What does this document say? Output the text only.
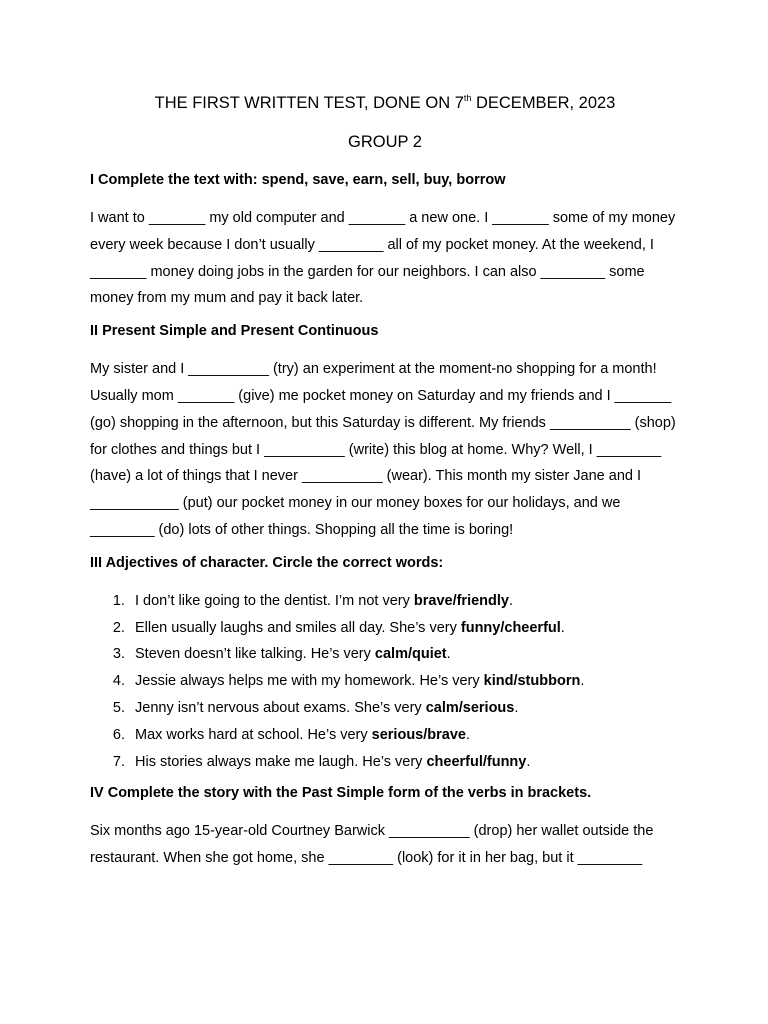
THE FIRST WRITTEN TEST, DONE ON 7th DECEMBER, 2023
GROUP 2
I Complete the text with: spend, save, earn, sell, buy, borrow

I want to _______ my old computer and _______ a new one. I _______ some of my money every week because I don’t usually ________ all of my pocket money. At the weekend, I _______ money doing jobs in the garden for our neighbors. I can also ________ some money from my mum and pay it back later.

II Present Simple and Present Continuous

My sister and I __________ (try) an experiment at the moment-no shopping for a month! Usually mom _______ (give) me pocket money on Saturday and my friends and I _______ (go) shopping in the afternoon, but this Saturday is different. My friends __________ (shop) for clothes and things but I __________ (write) this blog at home. Why? Well, I ________ (have) a lot of things that I never __________ (wear). This month my sister Jane and I ___________ (put) our pocket money in our money boxes for our holidays, and we ________ (do) lots of other things. Shopping all the time is boring!

III Adjectives of character. Circle the correct words:
1. I don’t like going to the dentist. I’m not very brave/friendly.
2. Ellen usually laughs and smiles all day. She’s very funny/cheerful.
3. Steven doesn’t like talking. He’s very calm/quiet.
4. Jessie always helps me with my homework. He’s very kind/stubborn.
5. Jenny isn’t nervous about exams. She’s very calm/serious.
6. Max works hard at school. He’s very serious/brave.
7. His stories always make me laugh. He’s very cheerful/funny.
IV Complete the story with the Past Simple form of the verbs in brackets.

Six months ago 15-year-old Courtney Barwick __________ (drop) her wallet outside the restaurant. When she got home, she ________ (look) for it in her bag, but it ________
